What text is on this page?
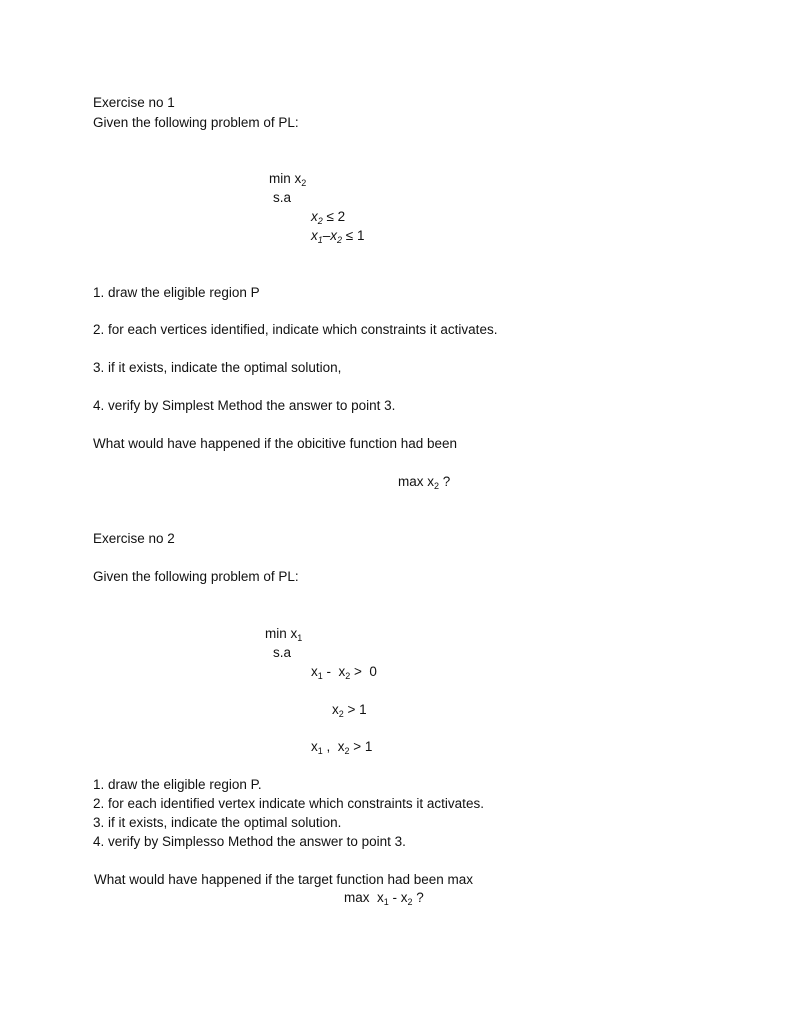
Exercise no 1
Given the following problem of PL:
$\min x_2$
s.a
$x_2 \le 2$
$x_1-x_2 \le 1$
1. draw the eligible region P
2. for each vertices identified, indicate which constraints it activates.
3. if it exists, indicate the optimal solution,
4. verify by Simplest Method the answer to point 3.
What would have happened if the obicitive function had been
$\max x_2$ ?
Exercise no 2
Given the following problem of PL:
$\min x_1$
s.a
$x_1 - x_2 > 0$
$x_2 > 1$
$x_1$ ,  $x_2 > 1$
1. draw the eligible region P.
2. for each identified vertex indicate which constraints it activates.
3. if it exists, indicate the optimal solution.
4. verify by Simplesso Method the answer to point 3.
What would have happened if the target function had been max
$\max x_1 - x_2$ ?
